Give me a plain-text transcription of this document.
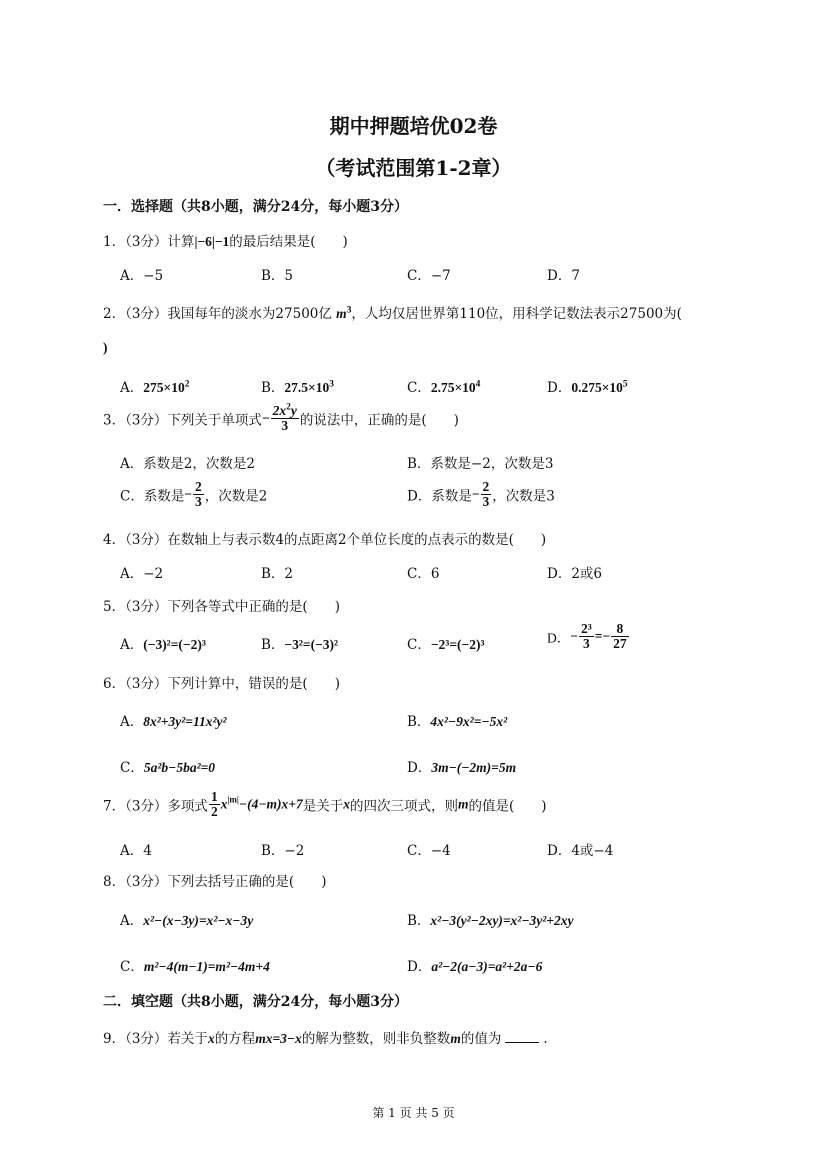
期中押题培优02卷
（考试范围第1-2章）
一．选择题（共8小题，满分24分，每小题3分）
1．（3分）计算|−6|−1的最后结果是(　　)
A．−5	B．5	C．−7	D．7
2．（3分）我国每年的淡水为27500亿 $m^3$，人均仅居世界第110位，用科学记数法表示27500为(
)
A．$275\times 10^2$	B．$27.5\times 10^3$	C．$2.75\times 10^4$	D．$0.275\times 10^5$
3．（3分）下列关于单项式− $\frac{2x^2y}{3}$ 的说法中，正确的是(　　)
A．系数是2，次数是2	B．系数是−2，次数是3
C．系数是− $\frac{2}{3}$ ，次数是2	D．系数是− $\frac{2}{3}$ ，次数是3
4．（3分）在数轴上与表示数4的点距离2个单位长度的点表示的数是(　　)
A．−2	B．2	C．6	D．2或6
5．（3分）下列各等式中正确的是(　　)
A．(−3)²=(−2)³	B．−3²=(−3)²	C．−2³=(−2)³	D．− $\frac{\text{2³}}{3} =- \frac{8}{27}$
6．（3分）下列计算中，错误的是(　　)
A．8x²+3y²=11x²y²	B．4x²−9x²=−5x²
C．5a²b−5ba²=0	D．3m−(−2m)=5m
7．（3分）多项式 $\frac{1}{2} x^{|m|}-(4-m)x+7$是关于x的四次三项式，则m的值是(　　)
A．4	B．−2	C．−4	D．4或−4
8．（3分）下列去括号正确的是(　　)
A．x²−(x−3y)=x²−x−3y	B．x²−3(y²−2xy)=x²−3y²+2xy
C．m²−4(m−1)=m²−4m+4	D．a²−2(a−3)=a²+2a−6
二．填空题（共8小题，满分24分，每小题3分）
9．（3分）若关于x的方程mx=3−x的解为整数，则非负整数m的值为	.
第 1 页 共 5 页
